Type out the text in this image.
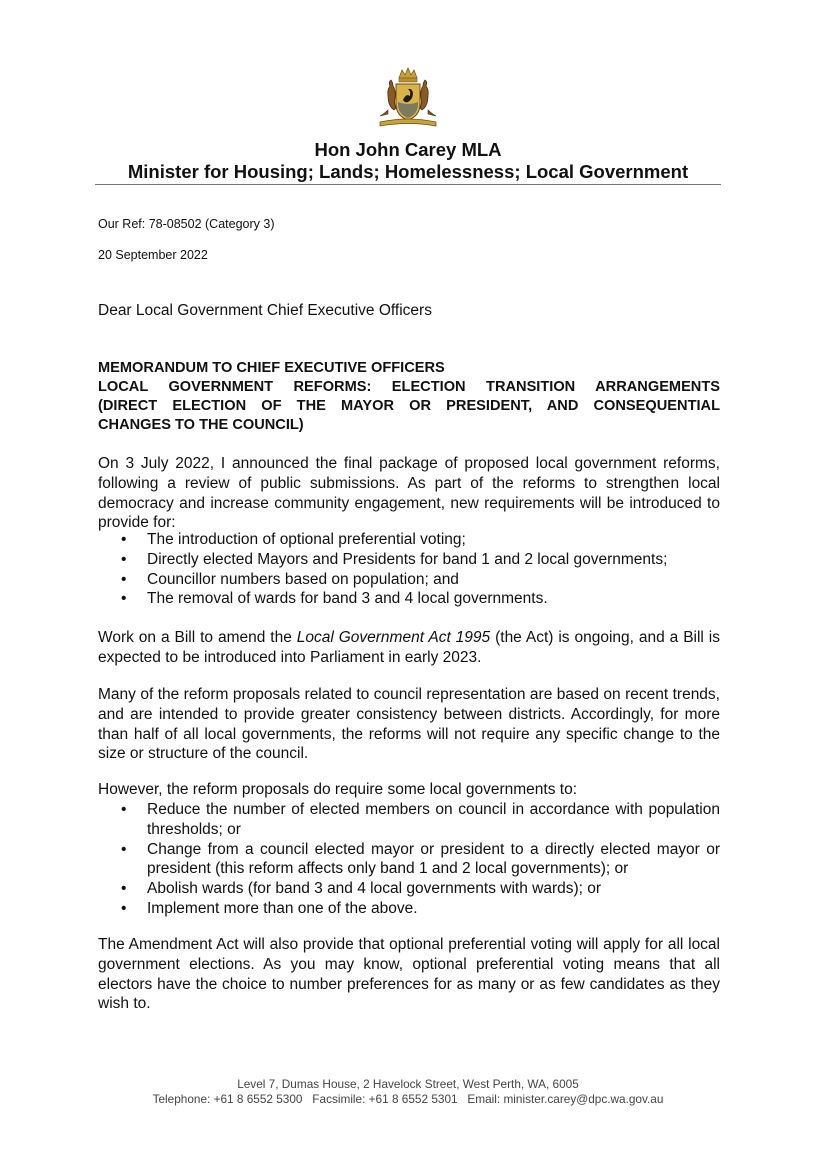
Hon John Carey MLA
Minister for Housing; Lands; Homelessness; Local Government
Our Ref: 78-08502 (Category 3)
20 September 2022
Dear Local Government Chief Executive Officers
MEMORANDUM TO CHIEF EXECUTIVE OFFICERS
LOCAL GOVERNMENT REFORMS: ELECTION TRANSITION ARRANGEMENTS
(DIRECT ELECTION OF THE MAYOR OR PRESIDENT, AND CONSEQUENTIAL
CHANGES TO THE COUNCIL)

On 3 July 2022, I announced the final package of proposed local government reforms, following a review of public submissions. As part of the reforms to strengthen local democracy and increase community engagement, new requirements will be introduced to provide for:

• The introduction of optional preferential voting;
• Directly elected Mayors and Presidents for band 1 and 2 local governments;
• Councillor numbers based on population; and
• The removal of wards for band 3 and 4 local governments.

Work on a Bill to amend the Local Government Act 1995 (the Act) is ongoing, and a Bill is expected to be introduced into Parliament in early 2023.

Many of the reform proposals related to council representation are based on recent trends, and are intended to provide greater consistency between districts. Accordingly, for more than half of all local governments, the reforms will not require any specific change to the size or structure of the council.

However, the reform proposals do require some local governments to:

• Reduce the number of elected members on council in accordance with population thresholds; or
• Change from a council elected mayor or president to a directly elected mayor or president (this reform affects only band 1 and 2 local governments); or
• Abolish wards (for band 3 and 4 local governments with wards); or
• Implement more than one of the above.

The Amendment Act will also provide that optional preferential voting will apply for all local government elections. As you may know, optional preferential voting means that all electors have the choice to number preferences for as many or as few candidates as they wish to.

Level 7, Dumas House, 2 Havelock Street, West Perth, WA, 6005
Telephone: +61 8 6552 5300   Facsimile: +61 8 6552 5301   Email: minister.carey@dpc.wa.gov.au
